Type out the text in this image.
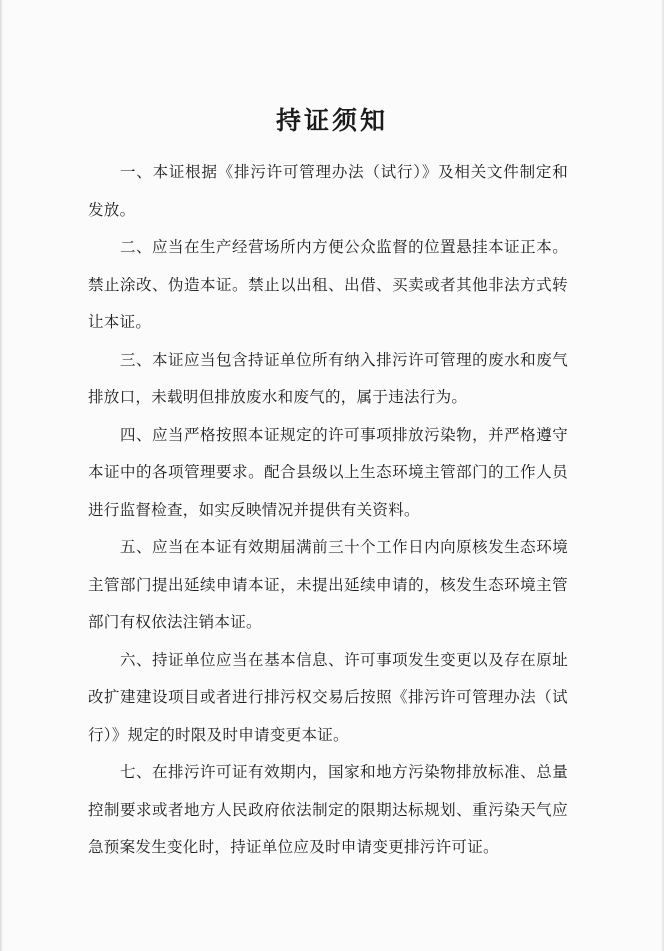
持证须知

一、本证根据《排污许可管理办法（试行）》及相关文件制定和发放。

二、应当在生产经营场所内方便公众监督的位置悬挂本证正本。禁止涂改、伪造本证。禁止以出租、出借、买卖或者其他非法方式转让本证。

三、本证应当包含持证单位所有纳入排污许可管理的废水和废气排放口，未载明但排放废水和废气的，属于违法行为。

四、应当严格按照本证规定的许可事项排放污染物，并严格遵守本证中的各项管理要求。配合县级以上生态环境主管部门的工作人员进行监督检查，如实反映情况并提供有关资料。

五、应当在本证有效期届满前三十个工作日内向原核发生态环境主管部门提出延续申请本证，未提出延续申请的，核发生态环境主管部门有权依法注销本证。

六、持证单位应当在基本信息、许可事项发生变更以及存在原址改扩建建设项目或者进行排污权交易后按照《排污许可管理办法（试行）》规定的时限及时申请变更本证。

七、在排污许可证有效期内，国家和地方污染物排放标准、总量控制要求或者地方人民政府依法制定的限期达标规划、重污染天气应急预案发生变化时，持证单位应及时申请变更排污许可证。
